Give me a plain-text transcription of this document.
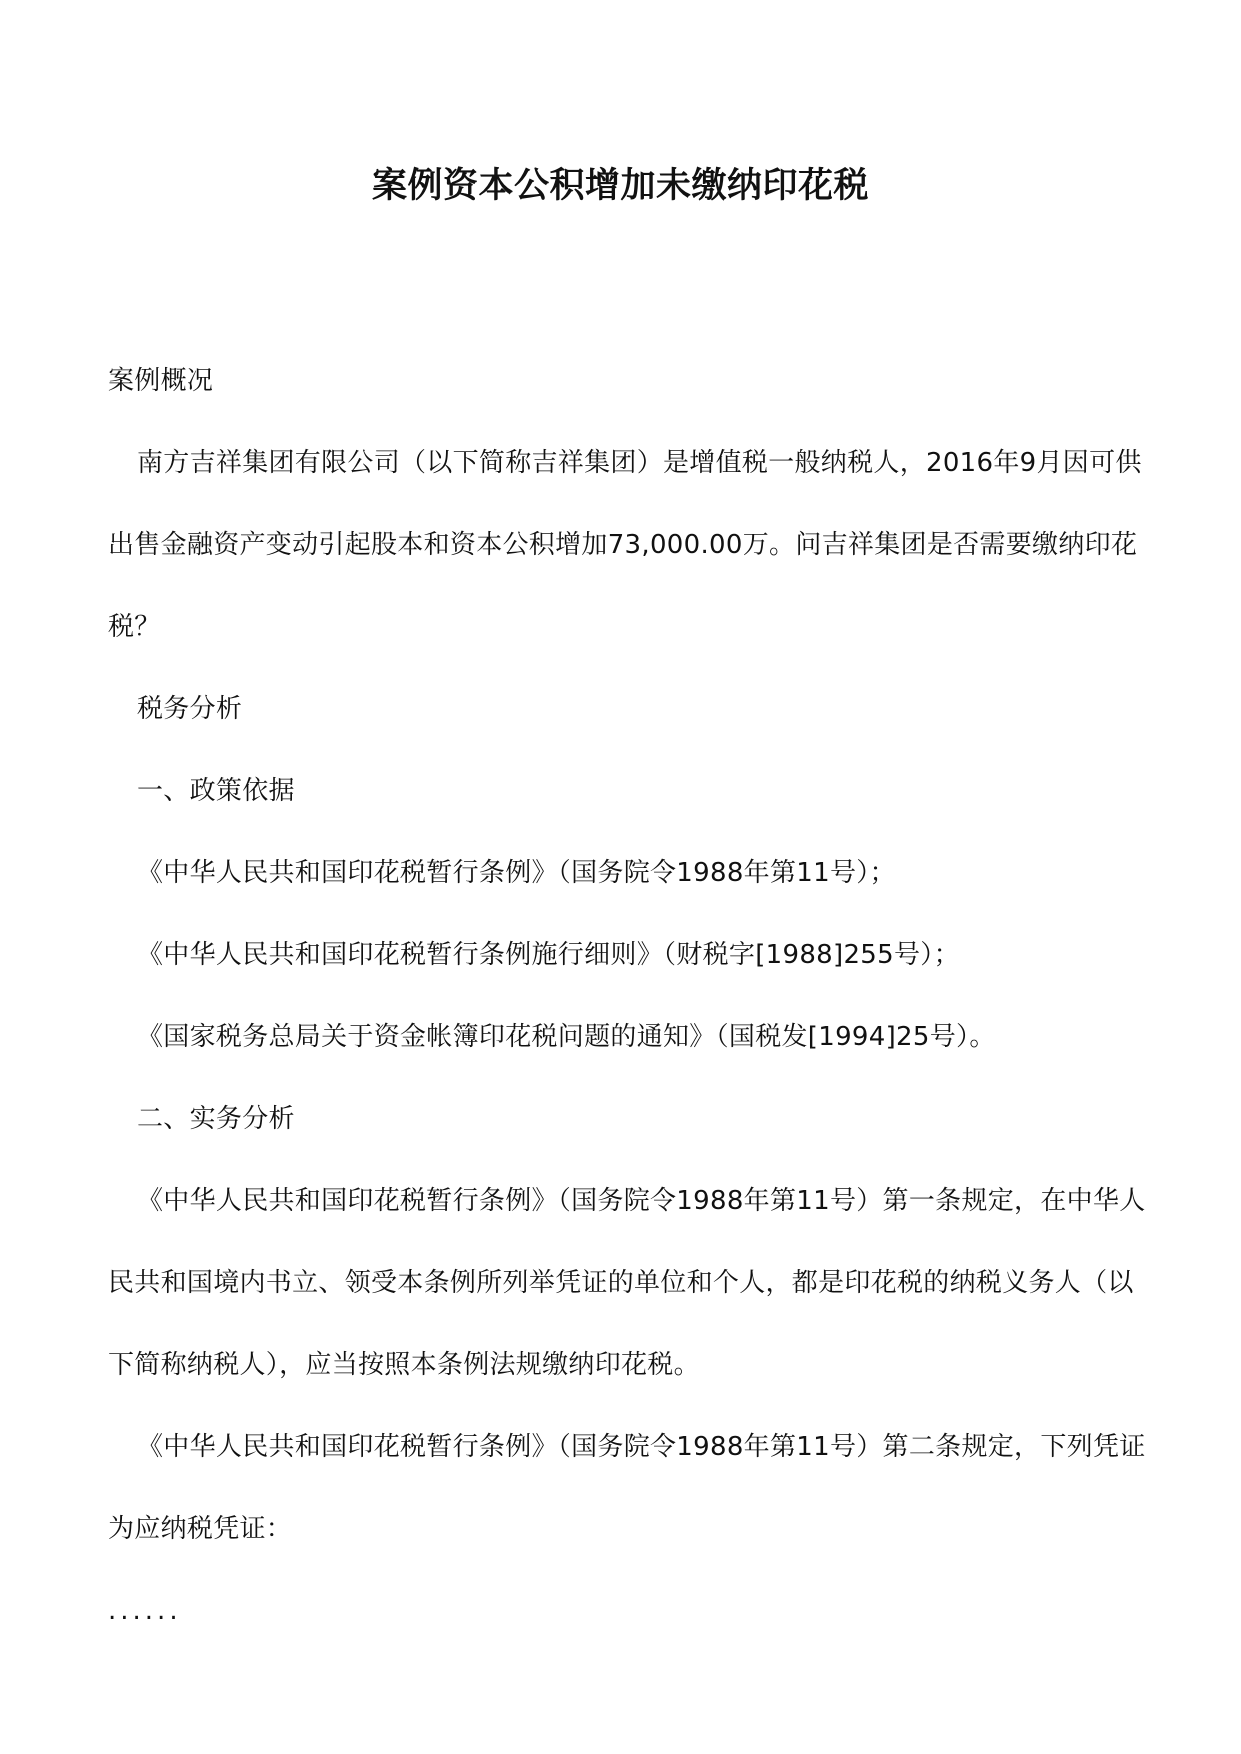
案例资本公积增加未缴纳印花税

案例概况

南方吉祥集团有限公司（以下简称吉祥集团）是增值税一般纳税人，2016年9月因可供出售金融资产变动引起股本和资本公积增加73,000.00万。问吉祥集团是否需要缴纳印花税？

税务分析

一、政策依据

《中华人民共和国印花税暂行条例》（国务院令1988年第11号）；

《中华人民共和国印花税暂行条例施行细则》（财税字[1988]255号）；

《国家税务总局关于资金帐簿印花税问题的通知》（国税发[1994]25号）。

二、实务分析

《中华人民共和国印花税暂行条例》（国务院令1988年第11号）第一条规定，在中华人民共和国境内书立、领受本条例所列举凭证的单位和个人，都是印花税的纳税义务人（以下简称纳税人），应当按照本条例法规缴纳印花税。

《中华人民共和国印花税暂行条例》（国务院令1988年第11号）第二条规定，下列凭证为应纳税凭证：

......
